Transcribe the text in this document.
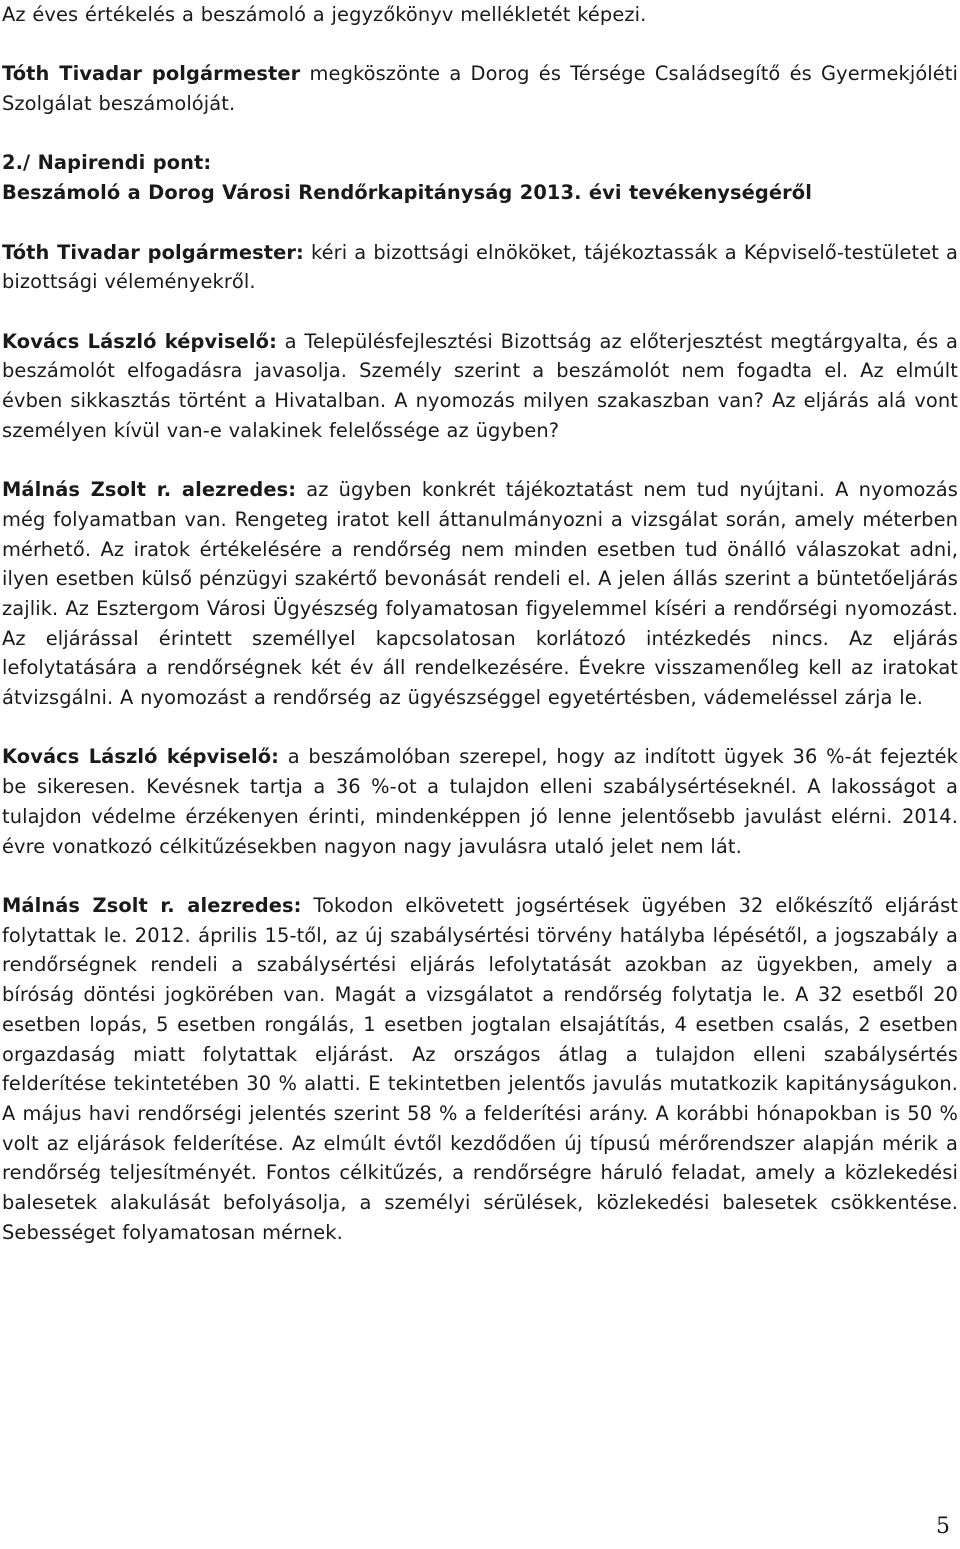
Az éves értékelés a beszámoló a jegyzőkönyv mellékletét képezi.

Tóth Tivadar polgármester megköszönte a Dorog és Térsége Családsegítő és Gyermekjóléti Szolgálat beszámolóját.

2./ Napirendi pont:

Beszámoló a Dorog Városi Rendőrkapitányság 2013. évi tevékenységéről

Tóth Tivadar polgármester: kéri a bizottsági elnököket, tájékoztassák a Képviselő-testületet a bizottsági véleményekről.

Kovács László képviselő: a Településfejlesztési Bizottság az előterjesztést megtárgyalta, és a beszámolót elfogadásra javasolja. Személy szerint a beszámolót nem fogadta el. Az elmúlt évben sikkasztás történt a Hivatalban. A nyomozás milyen szakaszban van? Az eljárás alá vont személyen kívül van-e valakinek felelőssége az ügyben?

Málnás Zsolt r. alezredes: az ügyben konkrét tájékoztatást nem tud nyújtani. A nyomozás még folyamatban van. Rengeteg iratot kell áttanulmányozni a vizsgálat során, amely méterben mérhető. Az iratok értékelésére a rendőrség nem minden esetben tud önálló válaszokat adni, ilyen esetben külső pénzügyi szakértő bevonását rendeli el. A jelen állás szerint a büntetőeljárás zajlik. Az Esztergom Városi Ügyészség folyamatosan figyelemmel kíséri a rendőrségi nyomozást. Az eljárással érintett személlyel kapcsolatosan korlátozó intézkedés nincs. Az eljárás lefolytatására a rendőrségnek két év áll rendelkezésére. Évekre visszamenőleg kell az iratokat átvizsgálni. A nyomozást a rendőrség az ügyészséggel egyetértésben, vádemeléssel zárja le.

Kovács László képviselő: a beszámolóban szerepel, hogy az indított ügyek 36 %-át fejezték be sikeresen. Kevésnek tartja a 36 %-ot a tulajdon elleni szabálysértéseknél. A lakosságot a tulajdon védelme érzékenyen érinti, mindenképpen jó lenne jelentősebb javulást elérni. 2014. évre vonatkozó célkitűzésekben nagyon nagy javulásra utaló jelet nem lát.

Málnás Zsolt r. alezredes: Tokodon elkövetett jogsértések ügyében 32 előkészítő eljárást folytattak le. 2012. április 15-től, az új szabálysértési törvény hatályba lépésétől, a jogszabály a rendőrségnek rendeli a szabálysértési eljárás lefolytatását azokban az ügyekben, amely a bíróság döntési jogkörében van. Magát a vizsgálatot a rendőrség folytatja le. A 32 esetből 20 esetben lopás, 5 esetben rongálás, 1 esetben jogtalan elsajátítás, 4 esetben csalás, 2 esetben orgazdaság miatt folytattak eljárást. Az országos átlag a tulajdon elleni szabálysértés felderítése tekintetében 30 % alatti. E tekintetben jelentős javulás mutatkozik kapitányságukon. A május havi rendőrségi jelentés szerint 58 % a felderítési arány. A korábbi hónapokban is 50 % volt az eljárások felderítése. Az elmúlt évtől kezdődően új típusú mérőrendszer alapján mérik a rendőrség teljesítményét. Fontos célkitűzés, a rendőrségre háruló feladat, amely a közlekedési balesetek alakulását befolyásolja, a személyi sérülések, közlekedési balesetek csökkentése. Sebességet folyamatosan mérnek.

5
